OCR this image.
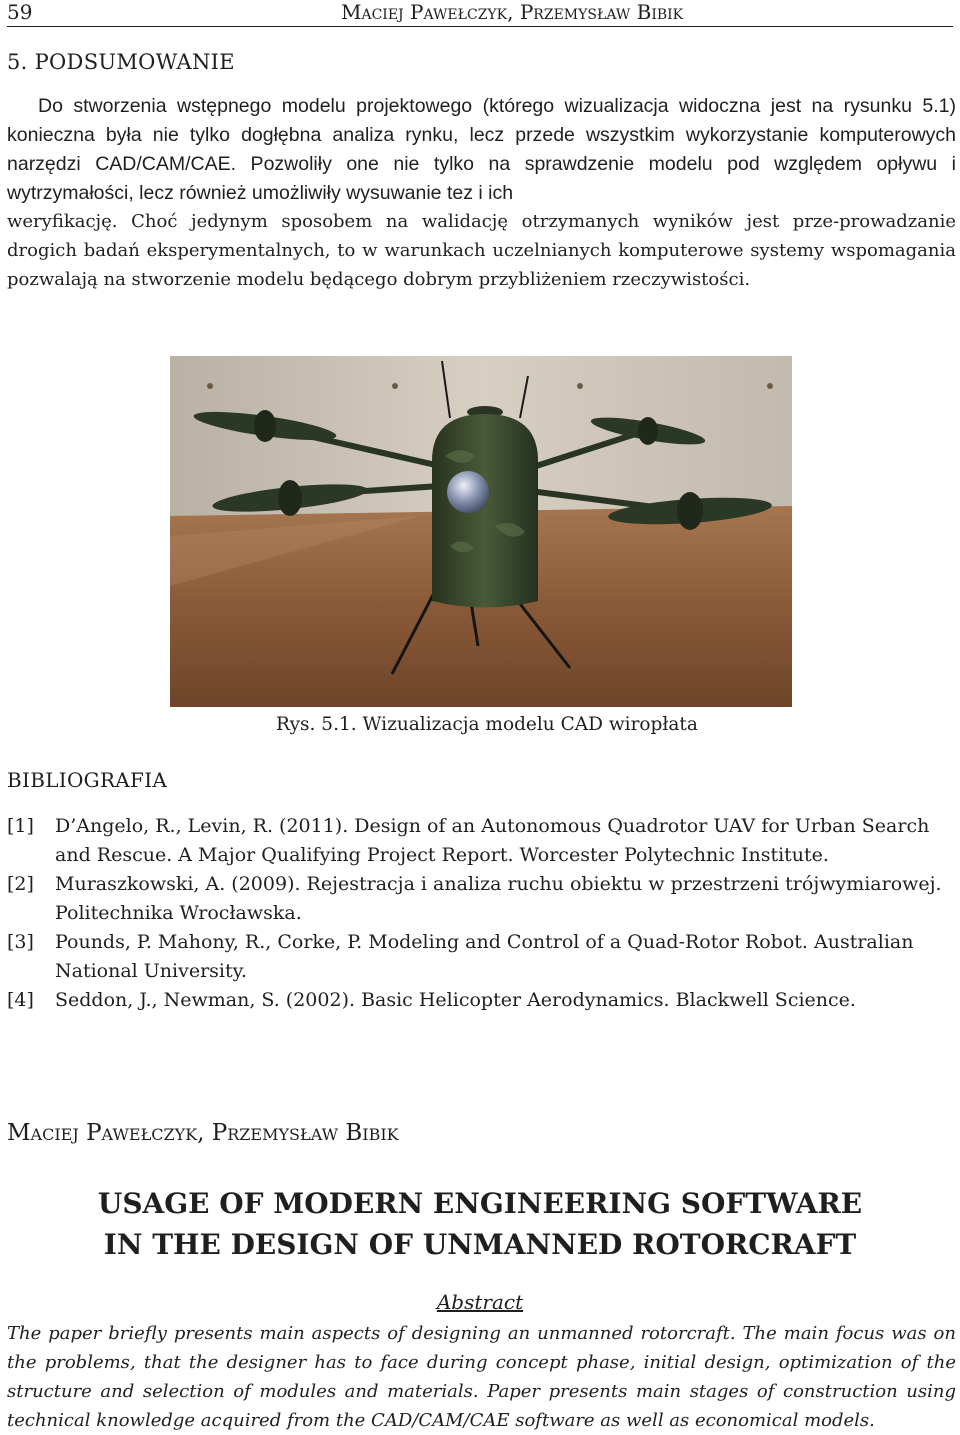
59	Maciej Pawełczyk, Przemysław Bibik
5. PODSUMOWANIE
Do stworzenia wstępnego modelu projektowego (którego wizualizacja widoczna jest na rysunku 5.1) konieczna była nie tylko dogłębna analiza rynku, lecz przede wszystkim wykorzystanie komputerowych narzędzi CAD/CAM/CAE. Pozwoliły one nie tylko na sprawdzenie modelu pod względem opływu i wytrzymałości, lecz również umożliwiły wysuwanie tez i ich
weryfikację. Choć jedynym sposobem na walidację otrzymanych wyników jest prze-prowadzanie drogich badań eksperymentalnych, to w warunkach uczelnianych komputerowe systemy wspomagania pozwalają na stworzenie modelu będącego dobrym przybliżeniem rzeczywistości.
Rys. 5.1. Wizualizacja modelu CAD wiropłata
BIBLIOGRAFIA
[1] D’Angelo, R., Levin, R. (2011). Design of an Autonomous Quadrotor UAV for Urban Search and Rescue. A Major Qualifying Project Report. Worcester Polytechnic Institute.
[2] Muraszkowski, A. (2009). Rejestracja i analiza ruchu obiektu w przestrzeni trójwymiarowej. Politechnika Wrocławska.
[3] Pounds, P. Mahony, R., Corke, P. Modeling and Control of a Quad-Rotor Robot. Australian National University.
[4] Seddon, J., Newman, S. (2002). Basic Helicopter Aerodynamics. Blackwell Science.
Maciej Pawełczyk, Przemysław Bibik
USAGE OF MODERN ENGINEERING SOFTWARE
IN THE DESIGN OF UNMANNED ROTORCRAFT
Abstract
The paper briefly presents main aspects of designing an unmanned rotorcraft. The main focus was on the problems, that the designer has to face during concept phase, initial design, optimization of the structure and selection of modules and materials. Paper presents main stages of construction using technical knowledge acquired from the CAD/CAM/CAE software as well as economical models.
